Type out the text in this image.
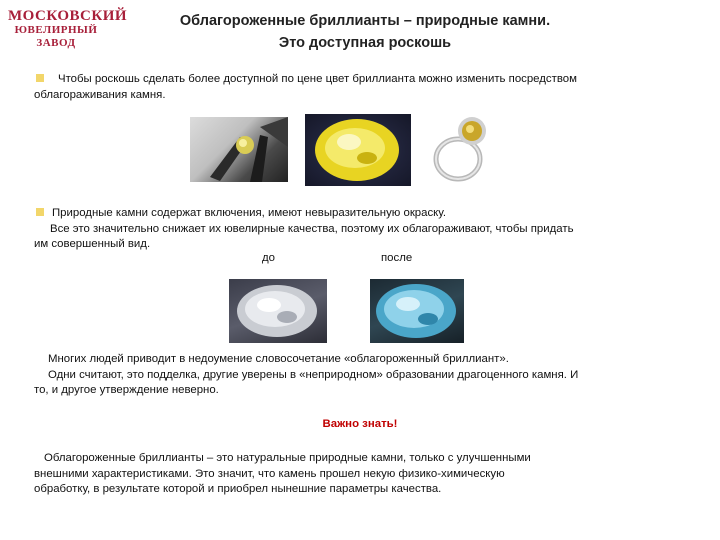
МОСКОВСКИЙ
ЮВЕЛИРНЫЙ ЗАВОД
Облагороженные бриллианты – природные камни.
Это доступная роскошь
Чтобы роскошь сделать более доступной по цене цвет бриллианта можно изменить посредством
облагораживания камня.
Природные камни содержат включения, имеют невыразительную окраску.
Все это значительно снижает их ювелирные качества, поэтому их облагораживают, чтобы придать
им совершенный вид.
до	после
Многих людей приводит в недоумение словосочетание «облагороженный бриллиант».
Одни считают, это подделка, другие уверены в «неприродном» образовании драгоценного камня. И
то, и другое утверждение неверно.
Важно знать!
Облагороженные бриллианты – это натуральные природные камни, только с улучшенными
внешними характеристиками. Это значит, что камень прошел некую физико-химическую
обработку, в результате которой и приобрел нынешние параметры качества.
